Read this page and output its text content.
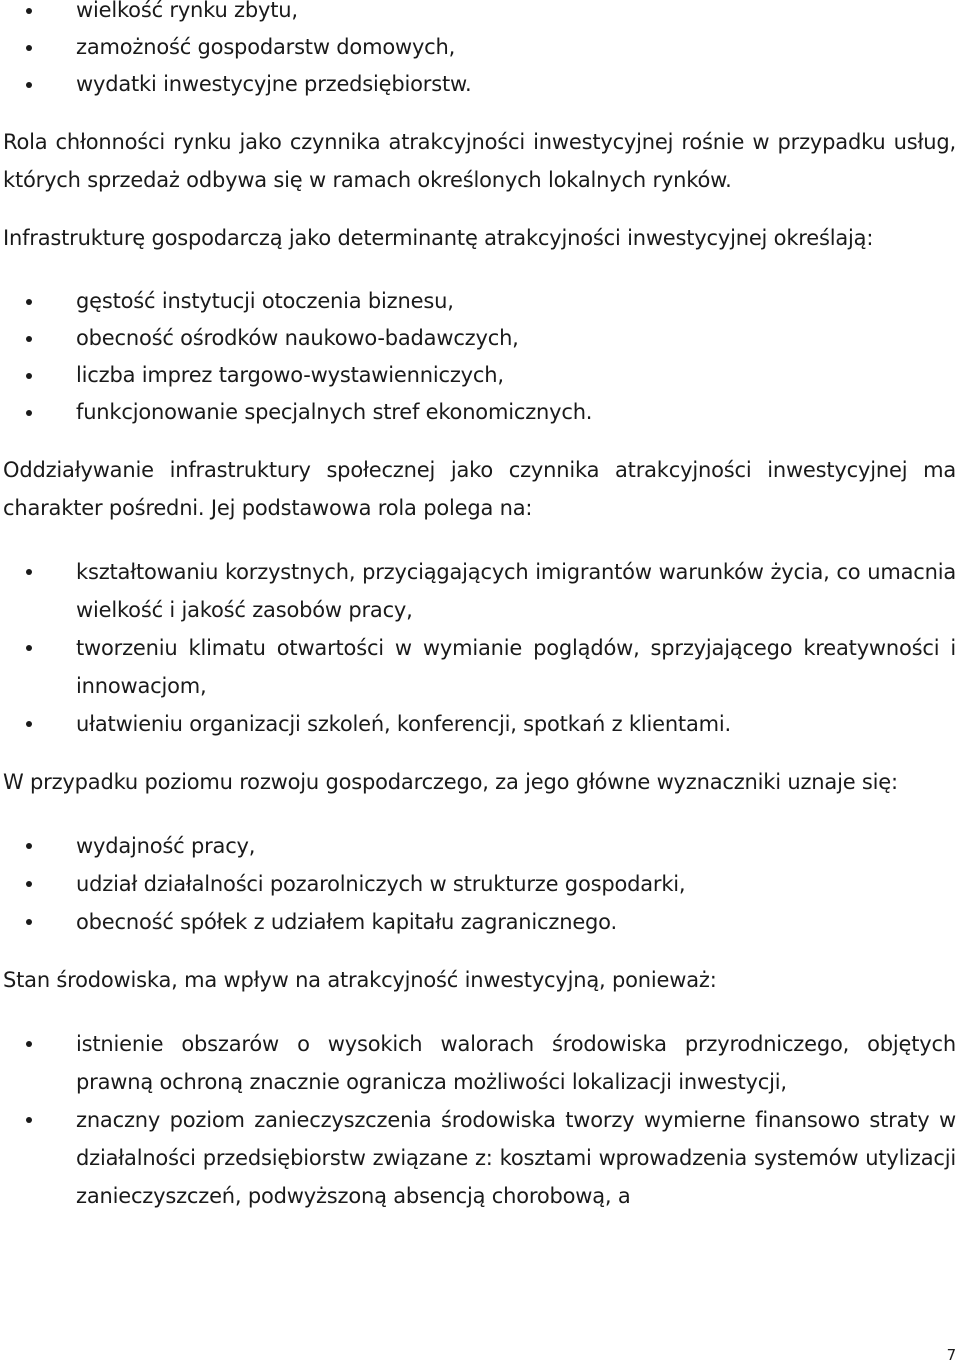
wielkość rynku zbytu,
zamożność gospodarstw domowych,
wydatki inwestycyjne przedsiębiorstw.

Rola chłonności rynku jako czynnika atrakcyjności inwestycyjnej rośnie w przypadku usług, których sprzedaż odbywa się w ramach określonych lokalnych rynków.

Infrastrukturę gospodarczą jako determinantę atrakcyjności inwestycyjnej określają:

gęstość instytucji otoczenia biznesu,
obecność ośrodków naukowo-badawczych,
liczba imprez targowo-wystawienniczych,
funkcjonowanie specjalnych stref ekonomicznych.

Oddziaływanie infrastruktury społecznej jako czynnika atrakcyjności inwestycyjnej ma charakter pośredni. Jej podstawowa rola polega na:

kształtowaniu korzystnych, przyciągających imigrantów warunków życia, co umacnia wielkość i jakość zasobów pracy,
tworzeniu klimatu otwartości w wymianie poglądów, sprzyjającego kreatywności i innowacjom,
ułatwieniu organizacji szkoleń, konferencji, spotkań z klientami.

W przypadku poziomu rozwoju gospodarczego, za jego główne wyznaczniki uznaje się:

wydajność pracy,
udział działalności pozarolniczych w strukturze gospodarki,
obecność spółek z udziałem kapitału zagranicznego.

Stan środowiska, ma wpływ na atrakcyjność inwestycyjną, ponieważ:

istnienie obszarów o wysokich walorach środowiska przyrodniczego, objętych prawną ochroną znacznie ogranicza możliwości lokalizacji inwestycji,
znaczny poziom zanieczyszczenia środowiska tworzy wymierne finansowo straty w działalności przedsiębiorstw związane z: kosztami wprowadzenia systemów utylizacji zanieczyszczeń, podwyższoną absencją chorobową, a
7
